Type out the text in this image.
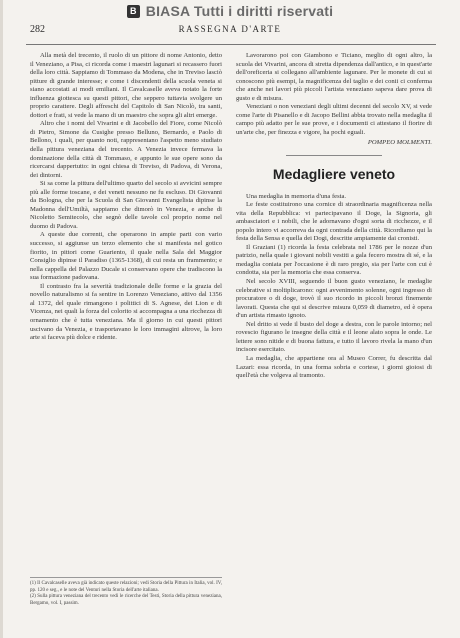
B BIASA Tutti i diritti riservati
282	RASSEGNA D'ARTE

Alla metà del trecento, il ruolo di un pittore di nome Antonio, detto il Veneziano, a Pisa, ci ricorda come i maestri lagunari si recassero fuori della loro città. Sappiamo di Tommaso da Modena, che in Treviso lasciò pitture di grande interesse; e come i discendenti della scuola veneta si siano accostati ai modi emiliani. Il Cavalcaselle aveva notato la forte influenza giottesca su questi pittori, che seppero tuttavia svolgere un proprio carattere. Degli affreschi del Capitolo di San Nicolò, tra santi, dottori e frati, si vede la mano di un maestro che sopra gli altri emerge.

Altro che i nomi del Vivarini e di Jacobello del Fiore, come Nicolò di Pietro, Simone da Cusighe presso Belluno, Bernardo, e Paolo di Bellono, i quali, per quanto noti, rappresentano l'aspetto meno studiato della pittura veneziana del trecento. A Venezia invece fermava la dominazione della città di Tommaso, e appunto le sue opere sono da ricercarsi dappertutto: in ogni chiesa di Treviso, di Padova, di Verona, dei dintorni.

Si sa come la pittura dell'ultimo quarto del secolo si avvicini sempre più alle forme toscane, e dei veneti nessuno ne fu escluso. Di Giovanni da Bologna, che per la Scuola di San Giovanni Evangelista dipinse la Madonna dell'Umiltà, sappiamo che dimorò in Venezia, e anche di Nicoletto Semitecolo, che segnò delle tavole col proprio nome nel duomo di Padova.

A queste due correnti, che operarono in ampie parti con vario successo, si aggiunse un terzo elemento che si manifesta nel gotico fiorito, in pittori come Guariento, il quale nella Sala del Maggior Consiglio dipinse il Paradiso (1365-1368), di cui resta un frammento; e nella cappella del Palazzo Ducale si conservano opere che tradiscono la sua formazione padovana.

Il contrasto fra la severità tradizionale delle forme e la grazia del novello naturalismo si fa sentire in Lorenzo Veneziano, attivo dal 1356 al 1372, del quale rimangono i polittici di S. Agnese, dei Lion e di Vicenza, nei quali la forza del colorito si accompagna a una ricchezza di ornamento che è tutta veneziana. Ma il giorno in cui questi pittori uscivano da Venezia, e trasportavano le loro immagini altrove, la loro arte si faceva più dolce e ridente.

(1) Il Cavalcaselle aveva già indicato queste relazioni; vedi Storia della Pittura in Italia, vol. IV, pp. 120 e seg., e le note del Venturi nella Storia dell'arte italiana.
(2) Sulla pittura veneziana del trecento vedi le ricerche del Testi, Storia della pittura veneziana, Bergamo, vol. I, passim.

Lavorarono poi con Giambono e Ticiano, meglio di ogni altro, la scuola dei Vivarini, ancora di stretta dipendenza dall'antico, e in quest'arte dell'oreficeria si collegano all'ambiente lagunare. Per le monete di cui si conoscono più esempi, la magnificenza del taglio e dei conii ci conferma che anche nei lavori più piccoli l'artista veneziano sapeva dare prova di gusto e di misura.

Veneziani o non veneziani degli ultimi decenni del secolo XV, si vede come l'arte di Pisanello e di Jacopo Bellini abbia trovato nella medaglia il campo più adatto per le sue prove, e i documenti ci attestano il fiorire di un'arte che, per finezza e vigore, ha pochi eguali.

POMPEO MOLMENTI.
Medagliere veneto

Una medaglia in memoria d'una festa.

Le feste costituirono una cornice di straordinaria magnificenza nella vita della Repubblica: vi partecipavano il Doge, la Signoria, gli ambasciatori e i nobili, che le adornavano d'ogni sorta di ricchezze, e il popolo intero vi accorreva da ogni contrada della città. Ricordiamo qui la festa della Sensa e quella dei Dogi, descritte ampiamente dai cronisti.

Il Graziani (1) ricorda la festa celebrata nel 1786 per le nozze d'un patrizio, nella quale i giovani nobili vestiti a gala fecero mostra di sé, e la medaglia coniata per l'occasione è di raro pregio, sia per l'arte con cui è condotta, sia per la memoria che essa conserva.

Nel secolo XVIII, seguendo il buon gusto veneziano, le medaglie celebrative si moltiplicarono: ogni avvenimento solenne, ogni ingresso di procuratore o di doge, trovò il suo ricordo in piccoli bronzi finemente lavorati. Questa che qui si descrive misura 0,059 di diametro, ed è opera d'un artista rimasto ignoto.

Nel dritto si vede il busto del doge a destra, con le parole intorno; nel rovescio figurano le insegne della città e il leone alato sopra le onde. Le lettere sono nitide e di buona fattura, e tutto il lavoro rivela la mano d'un incisore esercitato.

La medaglia, che appartiene ora al Museo Correr, fu descritta dal Lazari: essa ricorda, in una forma sobria e cortese, i giorni gioiosi di quell'età che volgeva al tramonto.
